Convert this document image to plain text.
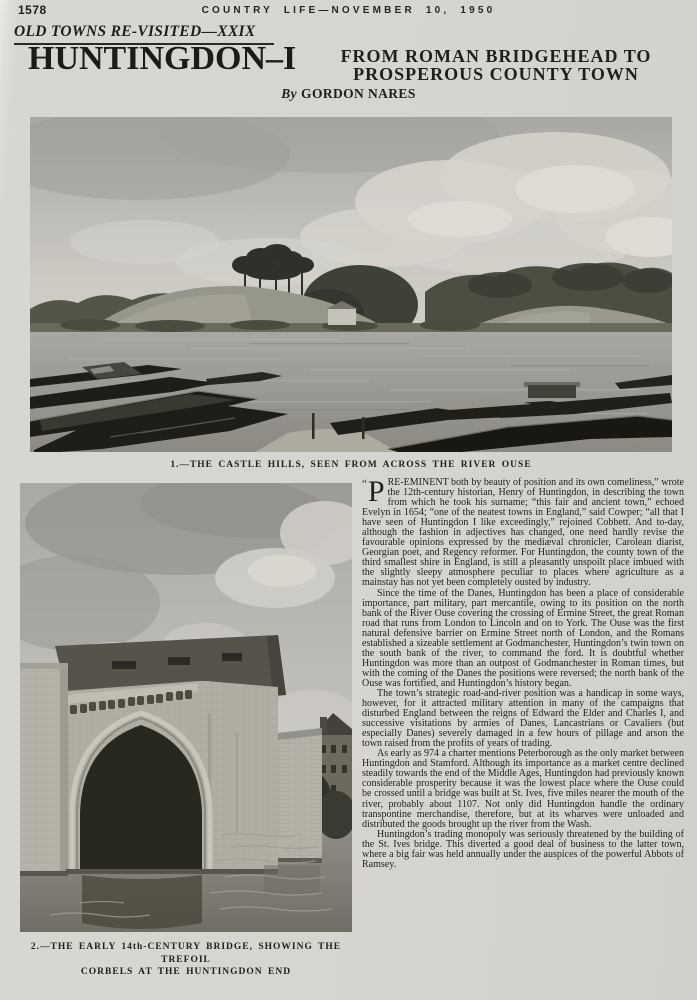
1578	COUNTRY LIFE—NOVEMBER 10, 1950
OLD TOWNS RE-VISITED—XXIX
HUNTINGDON–I	FROM ROMAN BRIDGEHEAD TO
PROSPEROUS COUNTY TOWN
By GORDON NARES
1.—THE CASTLE HILLS, SEEN FROM ACROSS THE RIVER OUSE
2.—THE EARLY 14th-CENTURY BRIDGE, SHOWING THE TREFOIL
CORBELS AT THE HUNTINGDON END

“P RE-EMINENT both by beauty of position and its own comeliness,” wrote the 12th-century historian, Henry of Huntingdon, in describing the town from which he took his surname; “this fair and ancient town,” echoed Evelyn in 1654; “one of the neatest towns in England,” said Cowper; “all that I have seen of Huntingdon I like exceedingly,” rejoined Cobbett. And to-day, although the fashion in adjectives has changed, one need hardly revise the favourable opinions expressed by the mediæval chronicler, Carolean diarist, Georgian poet, and Regency reformer. For Huntingdon, the county town of the third smallest shire in England, is still a pleasantly unspoilt place imbued with the slightly sleepy atmosphere peculiar to places where agriculture as a mainstay has not yet been completely ousted by industry.

Since the time of the Danes, Huntingdon has been a place of considerable importance, part military, part mercantile, owing to its position on the north bank of the River Ouse covering the crossing of Ermine Street, the great Roman road that runs from London to Lincoln and on to York. The Ouse was the first natural defensive barrier on Ermine Street north of London, and the Romans established a sizeable settlement at Godmanchester, Huntingdon’s twin town on the south bank of the river, to command the ford. It is doubtful whether Huntingdon was more than an outpost of Godmanchester in Roman times, but with the coming of the Danes the positions were reversed; the north bank of the Ouse was fortified, and Huntingdon’s history began.

The town’s strategic road-and-river position was a handicap in some ways, however, for it attracted military attention in many of the campaigns that disturbed England between the reigns of Edward the Elder and Charles I, and successive visitations by armies of Danes, Lancastrians or Cavaliers (but especially Danes) severely damaged in a few hours of pillage and arson the town raised from the profits of years of trading.

As early as 974 a charter mentions Peterborough as the only market between Huntingdon and Stamford. Although its importance as a market centre declined steadily towards the end of the Middle Ages, Huntingdon had previously known considerable prosperity because it was the lowest place where the Ouse could be crossed until a bridge was built at St. Ives, five miles nearer the mouth of the river, probably about 1107. Not only did Huntingdon handle the ordinary transpontine merchandise, therefore, but at its wharves were unloaded and distributed the goods brought up the river from the Wash.

Huntingdon’s trading monopoly was seriously threatened by the building of the St. Ives bridge. This diverted a good deal of business to the latter town, where a big fair was held annually under the auspices of the powerful Abbots of Ramsey.
